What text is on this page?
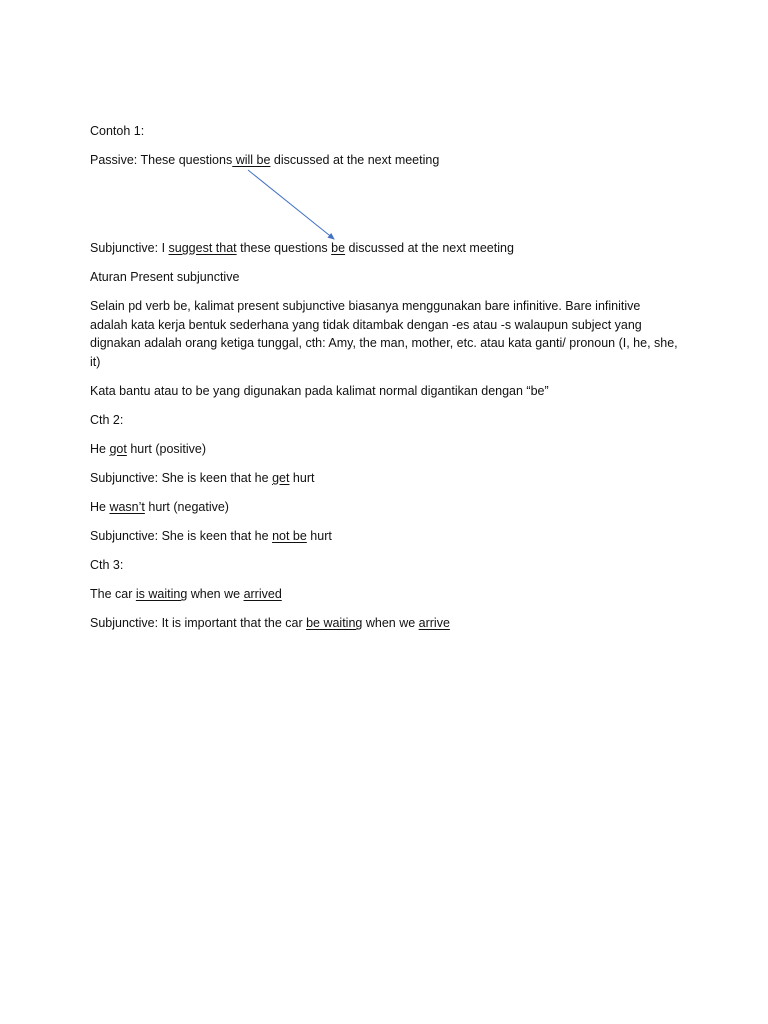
Contoh 1:

Passive: These questions will be discussed at the next meeting

Subjunctive: I suggest that these questions be discussed at the next meeting

Aturan Present subjunctive

Selain pd verb be, kalimat present subjunctive biasanya menggunakan bare infinitive. Bare infinitive adalah kata kerja bentuk sederhana yang tidak ditambak dengan -es atau -s walaupun subject yang dignakan adalah orang ketiga tunggal, cth: Amy, the man, mother, etc. atau kata ganti/ pronoun (I, he, she, it)

Kata bantu atau to be yang digunakan pada kalimat normal digantikan dengan “be”

Cth 2:

He got hurt (positive)

Subjunctive: She is keen that he get hurt

He wasn’t hurt (negative)

Subjunctive: She is keen that he not be hurt

Cth 3:

The car is waiting when we arrived

Subjunctive: It is important that the car be waiting when we arrive
